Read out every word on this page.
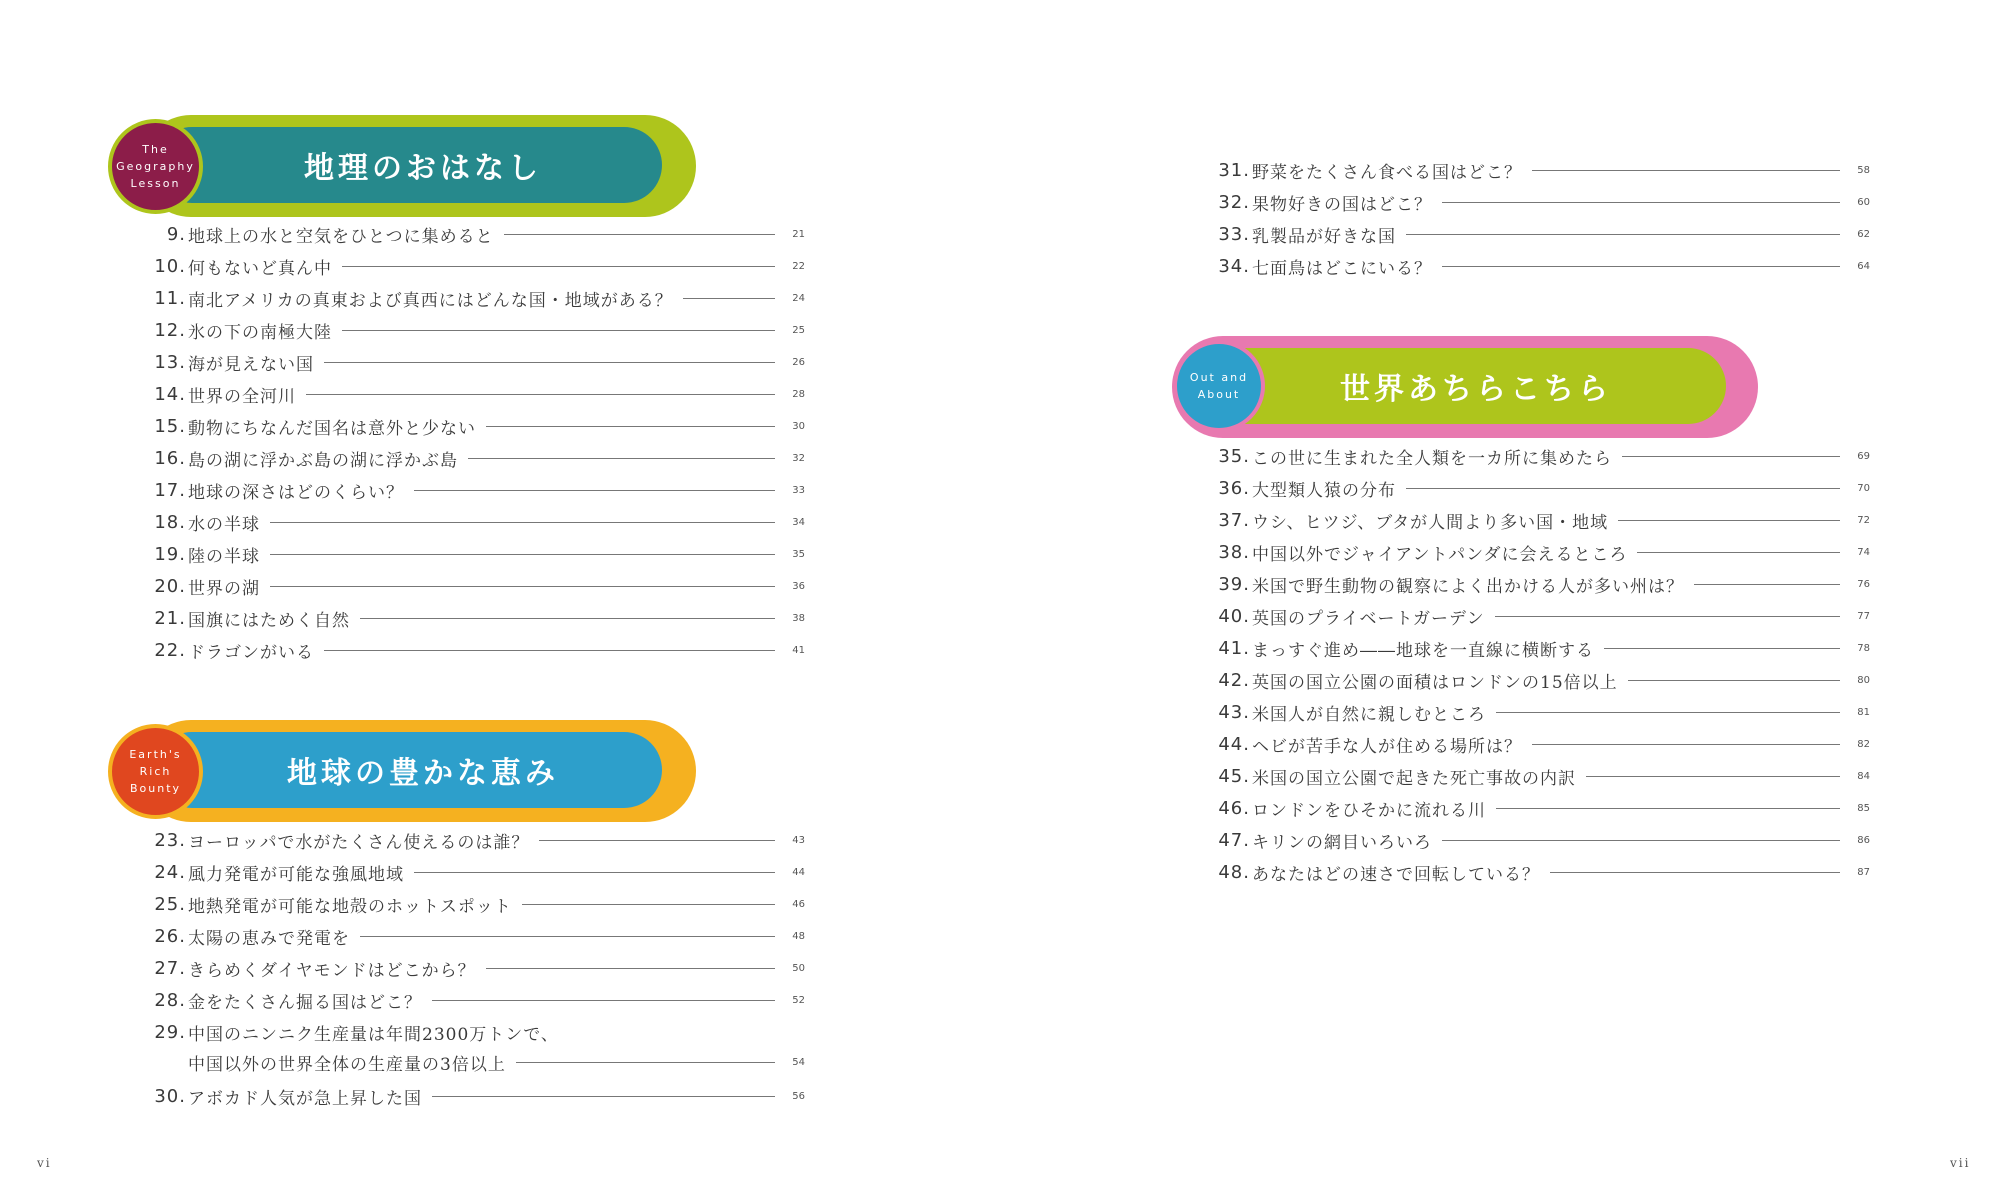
地理のおはなし
The
Geography
Lesson
9. 地球上の水と空気をひとつに集めると	21
10. 何もないど真ん中	22
11. 南北アメリカの真東および真西にはどんな国・地域がある？	24
12. 氷の下の南極大陸	25
13. 海が見えない国	26
14. 世界の全河川	28
15. 動物にちなんだ国名は意外と少ない	30
16. 島の湖に浮かぶ島の湖に浮かぶ島	32
17. 地球の深さはどのくらい？	33
18. 水の半球	34
19. 陸の半球	35
20. 世界の湖	36
21. 国旗にはためく自然	38
22. ドラゴンがいる	41
地球の豊かな恵み
Earth's
Rich
Bounty
23. ヨーロッパで水がたくさん使えるのは誰？	43
24. 風力発電が可能な強風地域	44
25. 地熱発電が可能な地殻のホットスポット	46
26. 太陽の恵みで発電を	48
27. きらめくダイヤモンドはどこから？	50
28. 金をたくさん掘る国はどこ？	52
29. 中国のニンニク生産量は年間2300万トンで、
中国以外の世界全体の生産量の3倍以上	54
30. アボカド人気が急上昇した国	56
31. 野菜をたくさん食べる国はどこ？	58
32. 果物好きの国はどこ？	60
33. 乳製品が好きな国	62
34. 七面鳥はどこにいる？	64
世界あちらこちら
Out and
About
35. この世に生まれた全人類を一カ所に集めたら	69
36. 大型類人猿の分布	70
37. ウシ、ヒツジ、ブタが人間より多い国・地域	72
38. 中国以外でジャイアントパンダに会えるところ	74
39. 米国で野生動物の観察によく出かける人が多い州は？	76
40. 英国のプライベートガーデン	77
41. まっすぐ進め――地球を一直線に横断する	78
42. 英国の国立公園の面積はロンドンの15倍以上	80
43. 米国人が自然に親しむところ	81
44. ヘビが苦手な人が住める場所は？	82
45. 米国の国立公園で起きた死亡事故の内訳	84
46. ロンドンをひそかに流れる川	85
47. キリンの網目いろいろ	86
48. あなたはどの速さで回転している？	87
vi	vii
